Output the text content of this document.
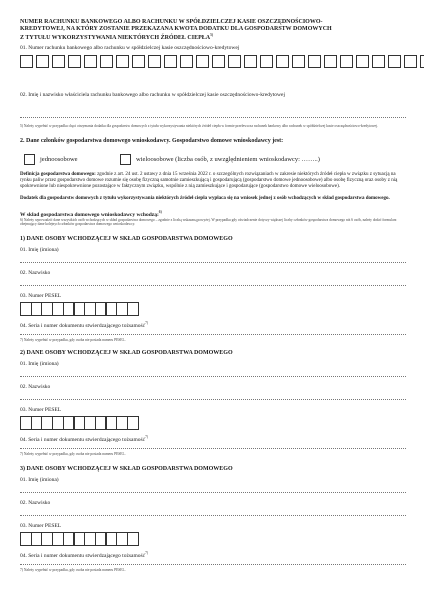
NUMER RACHUNKU BANKOWEGO ALBO RACHUNKU W SPÓŁDZIELCZEJ KASIE OSZCZĘDNOŚCIOWO-
KREDYTOWEJ, NA KTÓRY ZOSTANIE PRZEKAZANA KWOTA DODATKU DLA GOSPODARSTW DOMOWYCH
Z TYTUŁU WYKORZYSTYWANIA NIEKTÓRYCH ŹRÓDEŁ CIEPŁA$^{5)}$
01. Numer rachunku bankowego albo rachunku w spółdzielczej kasie oszczędnościowo-kredytowej
02. Imię i nazwisko właściciela rachunku bankowego albo rachunku w spółdzielczej kasie oszczędnościowo-kredytowej
5) Należy wypełnić w przypadku chęci otrzymania dodatku dla gospodarstw domowych z tytułu wykorzystywania niektórych źródeł ciepła w formie przelewu na rachunek bankowy albo rachunek w spółdzielczej kasie oszczędnościowo-kredytowej.
2. Dane członków gospodarstwa domowego wnioskodawcy. Gospodarstwo domowe wnioskodawcy jest:
jednoosobowe	wieloosobowe (liczba osób, z uwzględnieniem wnioskodawcy: ……..)
Definicja gospodarstwa domowego: zgodnie z art. 24 ust. 2 ustawy z dnia 15 września 2022 r. o szczególnych rozwiązaniach w zakresie niektórych źródeł ciepła w związku z sytuacją na rynku paliw przez gospodarstwo domowe rozumie się osobę fizyczną samotnie zamieszkującą i gospodarującą (gospodarstwo domowe jednoosobowe) albo osobę fizyczną oraz osoby z nią spokrewnione lub niespokrewnione pozostające w faktycznym związku, wspólnie z nią zamieszkujące i gospodarujące (gospodarstwo domowe wieloosobowe).
Dodatek dla gospodarstw domowych z tytułu wykorzystywania niektórych źródeł ciepła wypłaca się na wniosek jednej z osób wchodzących w skład gospodarstwa domowego.
W skład gospodarstwa domowego wnioskodawcy wchodzą:$^{6)}$
6) Należy wprowadzić dane wszystkich osób wchodzących w skład gospodarstwa domowego – zgodnie z liczbą wskazaną powyżej. W przypadku gdy oświadczenie dotyczy większej liczby członków gospodarstwa domowego niż 6 osób, należy dodać formularz obejmujący dane kolejnych członków gospodarstwa domowego wnioskodawcy.
1) DANE OSOBY WCHODZĄCEJ W SKŁAD GOSPODARSTWA DOMOWEGO
01. Imię (imiona)
02. Nazwisko
03. Numer PESEL
04. Seria i numer dokumentu stwierdzającego tożsamość$^{7)}$
7) Należy wypełnić w przypadku, gdy osoba nie posiada numeru PESEL.
2) DANE OSOBY WCHODZĄCEJ W SKŁAD GOSPODARSTWA DOMOWEGO
01. Imię (imiona)
02. Nazwisko
03. Numer PESEL
04. Seria i numer dokumentu stwierdzającego tożsamość$^{7)}$
7) Należy wypełnić w przypadku, gdy osoba nie posiada numeru PESEL.
3) DANE OSOBY WCHODZĄCEJ W SKŁAD GOSPODARSTWA DOMOWEGO
01. Imię (imiona)
02. Nazwisko
03. Numer PESEL
04. Seria i numer dokumentu stwierdzającego tożsamość$^{7)}$
7) Należy wypełnić w przypadku, gdy osoba nie posiada numeru PESEL.
